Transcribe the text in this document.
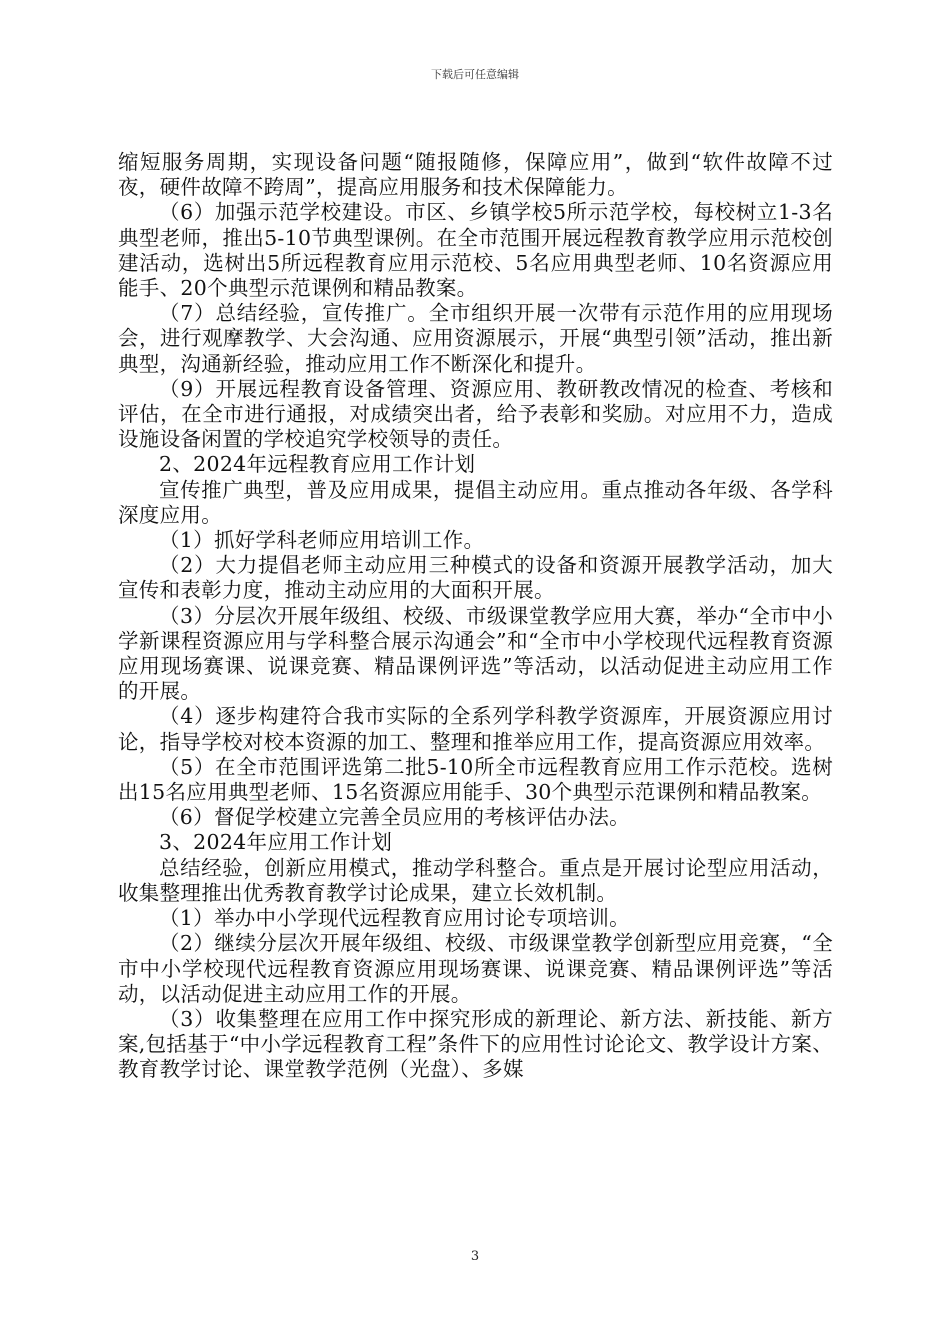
下载后可任意编辑

缩短服务周期，实现设备问题“随报随修，保障应用”，做到“软件故障不过夜，硬件故障不跨周”，提高应用服务和技术保障能力。

（6）加强示范学校建设。市区、乡镇学校5所示范学校，每校树立1-3名典型老师，推出5-10节典型课例。在全市范围开展远程教育教学应用示范校创建活动，选树出5所远程教育应用示范校、5名应用典型老师、10名资源应用能手、20个典型示范课例和精品教案。

（7）总结经验，宣传推广。全市组织开展一次带有示范作用的应用现场会，进行观摩教学、大会沟通、应用资源展示，开展“典型引领”活动，推出新典型，沟通新经验，推动应用工作不断深化和提升。

（9）开展远程教育设备管理、资源应用、教研教改情况的检查、考核和评估，在全市进行通报，对成绩突出者，给予表彰和奖励。对应用不力，造成设施设备闲置的学校追究学校领导的责任。

2、2024年远程教育应用工作计划

宣传推广典型，普及应用成果，提倡主动应用。重点推动各年级、各学科深度应用。

（1）抓好学科老师应用培训工作。

（2）大力提倡老师主动应用三种模式的设备和资源开展教学活动，加大宣传和表彰力度，推动主动应用的大面积开展。

（3）分层次开展年级组、校级、市级课堂教学应用大赛，举办“全市中小学新课程资源应用与学科整合展示沟通会”和“全市中小学校现代远程教育资源应用现场赛课、说课竞赛、精品课例评选”等活动，以活动促进主动应用工作的开展。

（4）逐步构建符合我市实际的全系列学科教学资源库，开展资源应用讨论，指导学校对校本资源的加工、整理和推举应用工作，提高资源应用效率。

（5）在全市范围评选第二批5-10所全市远程教育应用工作示范校。选树出15名应用典型老师、15名资源应用能手、30个典型示范课例和精品教案。

（6）督促学校建立完善全员应用的考核评估办法。

3、2024年应用工作计划

总结经验，创新应用模式，推动学科整合。重点是开展讨论型应用活动，收集整理推出优秀教育教学讨论成果，建立长效机制。

（1）举办中小学现代远程教育应用讨论专项培训。

（2）继续分层次开展年级组、校级、市级课堂教学创新型应用竞赛，“全市中小学校现代远程教育资源应用现场赛课、说课竞赛、精品课例评选”等活动，以活动促进主动应用工作的开展。

（3）收集整理在应用工作中探究形成的新理论、新方法、新技能、新方案,包括基于“中小学远程教育工程”条件下的应用性讨论论文、教学设计方案、教育教学讨论、课堂教学范例（光盘）、多媒

3
